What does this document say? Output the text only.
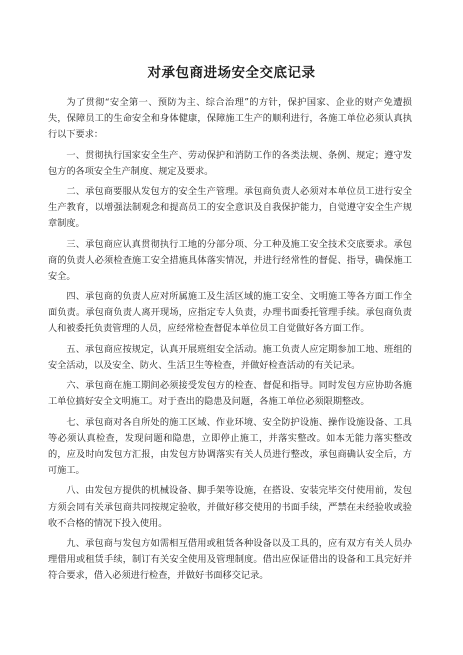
对承包商进场安全交底记录

为了贯彻“安全第一、预防为主、综合治理”的方针，保护国家、企业的财产免遭损失，保障员工的生命安全和身体健康，保障施工生产的顺利进行，各施工单位必须认真执行以下要求：

一、贯彻执行国家安全生产、劳动保护和消防工作的各类法规、条例、规定；遵守发包方的各项安全生产制度、规定及要求。

二、承包商要服从发包方的安全生产管理。承包商负责人必须对本单位员工进行安全生产教育，以增强法制观念和提高员工的安全意识及自我保护能力，自觉遵守安全生产规章制度。

三、承包商应认真贯彻执行工地的分部分项、分工种及施工安全技术交底要求。承包商的负责人必须检查施工安全措施具体落实情况，并进行经常性的督促、指导，确保施工安全。

四、承包商的负责人应对所属施工及生活区域的施工安全、文明施工等各方面工作全面负责。承包商负责人离开现场，应指定专人负责，办理书面委托管理手续。承包商负责人和被委托负责管理的人员，应经常检查督促本单位员工自觉做好各方面工作。

五、承包商应按规定，认真开展班组安全活动。施工负责人应定期参加工地、班组的安全活动，以及安全、防火、生活卫生等检查，并做好检查活动的有关记录。

六、承包商在施工期间必须接受发包方的检查、督促和指导。同时发包方应协助各施工单位搞好安全文明施工。对于查出的隐患及问题，各施工单位必须限期整改。

七、承包商对各自所处的施工区域、作业环境、安全防护设施、操作设施设备、工具等必须认真检查，发现问题和隐患，立即停止施工，并落实整改。如本无能力落实整改的，应及时向发包方汇报，由发包方协调落实有关人员进行整改，承包商确认安全后，方可施工。

八、由发包方提供的机械设备、脚手架等设施，在搭设、安装完毕交付使用前，发包方须会同有关承包商共同按规定验收，并做好移交使用的书面手续，严禁在未经验收或验收不合格的情况下投入使用。

九、承包商与发包方如需相互借用或租赁各种设备以及工具的，应有双方有关人员办理借用或租赁手续，制订有关安全使用及管理制度。借出应保证借出的设备和工具完好并符合要求，借入必须进行检查，并做好书面移交记录。
